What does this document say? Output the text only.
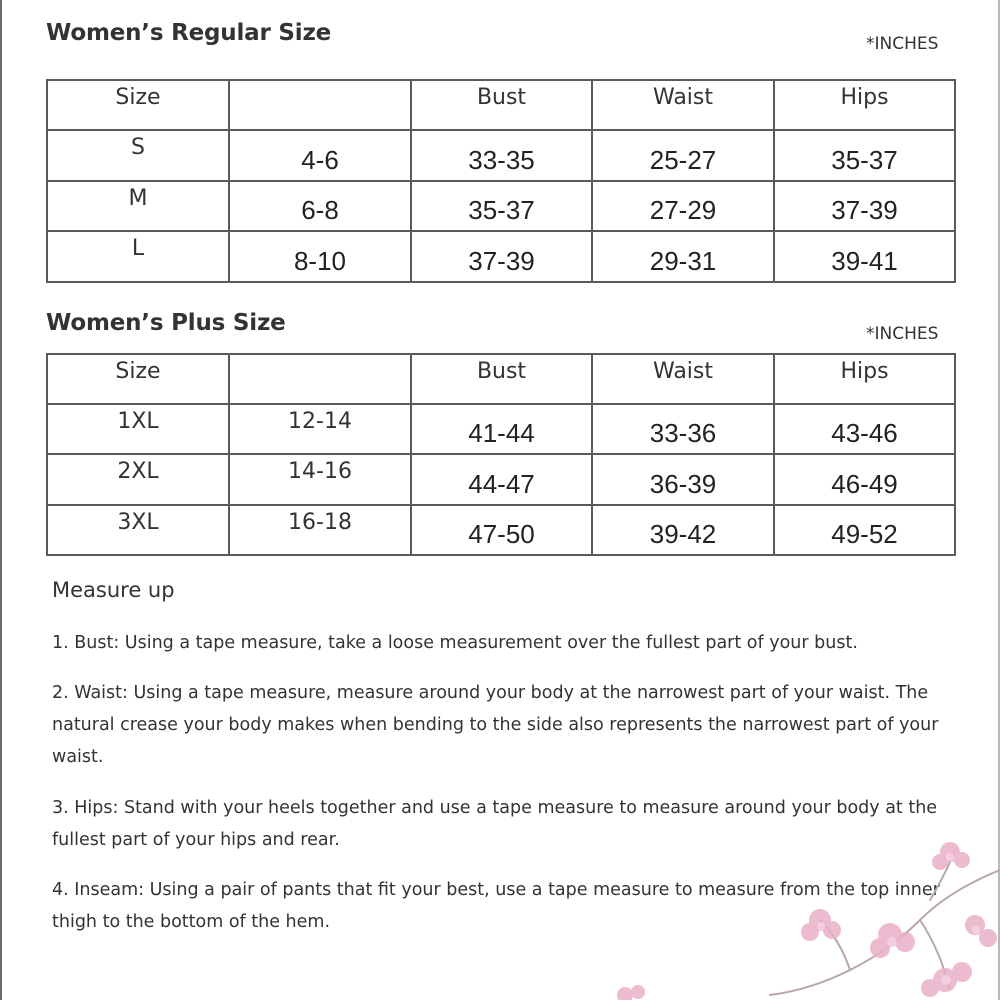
Women’s Regular Size	*INCHES
Size		Bust	Waist	Hips
S	4-6	33-35	25-27	35-37
M	6-8	35-37	27-29	37-39
L	8-10	37-39	29-31	39-41
Women’s Plus Size	*INCHES
Size		Bust	Waist	Hips
1XL	12-14	41-44	33-36	43-46
2XL	14-16	44-47	36-39	46-49
3XL	16-18	47-50	39-42	49-52
Measure up
1. Bust: Using a tape measure, take a loose measurement over the fullest part of your bust.
2. Waist: Using a tape measure, measure around your body at the narrowest part of your waist. The natural crease your body makes when bending to the side also represents the narrowest part of your waist.
3. Hips: Stand with your heels together and use a tape measure to measure around your body at the fullest part of your hips and rear.
4. Inseam: Using a pair of pants that fit your best, use a tape measure to measure from the top inner thigh to the bottom of the hem.
